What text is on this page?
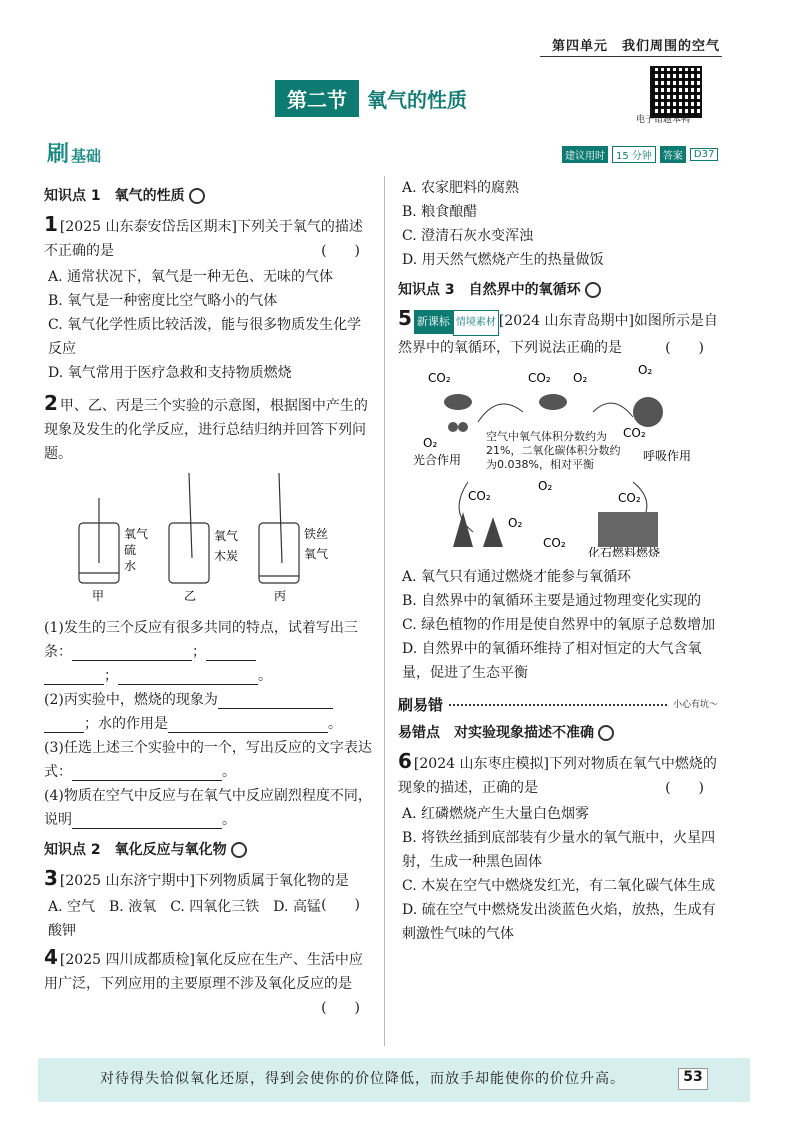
第四单元　我们周围的空气
第二节	氧气的性质
电子错题本鸭
刷 基础	建议用时	15 分钟	答案	D37
知识点 1　氧气的性质
1 [2025 山东泰安岱岳区期末]下列关于氧气的描述不正确的是	(　　)
A. 通常状况下，氧气是一种无色、无味的气体
B. 氧气是一种密度比空气略小的气体
C. 氧气化学性质比较活泼，能与很多物质发生化学反应
D. 氧气常用于医疗急救和支持物质燃烧
2 甲、乙、丙是三个实验的示意图，根据图中产生的现象及发生的化学反应，进行总结归纳并回答下列问题。
氧气
硫
水
氧气
木炭
铁丝
氧气
甲	乙	丙
(1)发生的三个反应有很多共同的特点，试着写出三条：	；
；	。
(2)丙实验中，燃烧的现象为
；水的作用是	。
(3)任选上述三个实验中的一个，写出反应的文字表达式：	。
(4)物质在空气中反应与在氧气中反应剧烈程度不同，说明	。
知识点 2　氧化反应与氧化物
3 [2025 山东济宁期中]下列物质属于氧化物的是
(　　)
A. 空气　B. 液氧　C. 四氧化三铁　D. 高锰酸钾
4 [2025 四川成都质检]氧化反应在生产、生活中应用广泛，下列应用的主要原理不涉及氧化反应的是
(　　)
A. 农家肥料的腐熟
B. 粮食酿醋
C. 澄清石灰水变浑浊
D. 用天然气燃烧产生的热量做饭
知识点 3　自然界中的氧循环
5 新课标 情境素材 [2024 山东青岛期中]如图所示是自然界中的氧循环，下列说法正确的是	(　　)
CO₂
O₂
CO₂ O₂
CO₂
O₂
光合作用	呼吸作用
空气中氧气体积分数约为21%，二氧化碳体积分数约为0.038%，相对平衡
CO₂
O₂
CO₂
化石燃料燃烧
CO₂
O₂
A. 氧气只有通过燃烧才能参与氧循环
B. 自然界中的氧循环主要是通过物理变化实现的
C. 绿色植物的作用是使自然界中的氧原子总数增加
D. 自然界中的氧循环维持了相对恒定的大气含氧量，促进了生态平衡
刷易错	小心有坑～
易错点　对实验现象描述不准确
6 [2024 山东枣庄模拟]下列对物质在氧气中燃烧的现象的描述，正确的是	(　　)
A. 红磷燃烧产生大量白色烟雾
B. 将铁丝插到底部装有少量水的氧气瓶中，火星四射，生成一种黑色固体
C. 木炭在空气中燃烧发红光，有二氧化碳气体生成
D. 硫在空气中燃烧发出淡蓝色火焰，放热，生成有刺激性气味的气体
对待得失恰似氧化还原，得到会使你的价位降低，而放手却能使你的价位升高。	53
